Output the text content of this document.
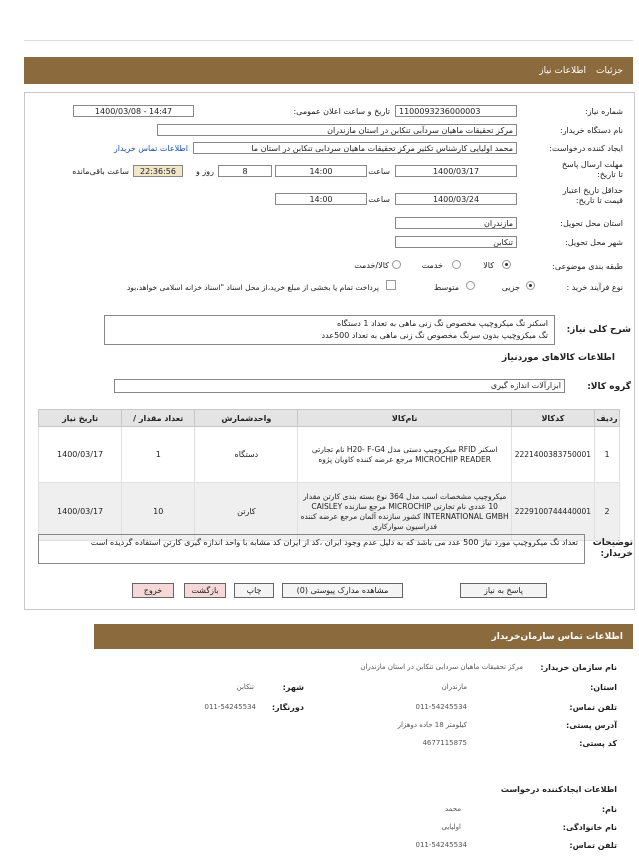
جزئیات
اطلاعات نیاز
شماره نیاز:
1100093236000003
تاریخ و ساعت اعلان عمومی:
1400/03/08 - 14:47
نام دستگاه خریدار:
مرکز تحقیقات ماهیان سردآبی تنکابن در استان مازندران
ایجاد کننده درخواست:
محمد اولیایی کارشناس تکثیر مرکز تحقیقات ماهیان سردابی تنکابن در استان ما
اطلاعات تماس خریدار
مهلت ارسال پاسخ تا تاریخ:
1400/03/17
ساعت
14:00
8
روز و
22:36:56
ساعت باقی‌مانده
حداقل تاریخ اعتبار قیمت تا تاریخ:
1400/03/24
ساعت
14:00
استان محل تحویل:
مازندران
شهر محل تحویل:
تنکابن
طبقه بندی موضوعی:
کالا
خدمت
کالا/خدمت
نوع فرآیند خرید :
جزیی
متوسط
پرداخت تمام یا بخشی از مبلغ خرید،از محل اسناد "اسناد خزانه اسلامی خواهد،بود
شرح کلی نیاز:
اسکنر تگ میکروچیپ مخصوص تگ زنی ماهی به تعداد 1 دستگاه
تگ میکروچیپ بدون سرنگ مخصوص تگ زنی ماهی به تعداد 500عدد
اطلاعات کالاهای موردنیاز
گروه کالا:
ابزارآلات اندازه گیری
ردیف	کدکالا	نام‌کالا	واحدشمارش	تعداد مقدار /	تاریخ نیاز
1	2221400383750001	اسکنر RFID میکروچیپ دستی مدل H20- F-G4 نام تجارتی MICROCHIP READER مرجع عرضه کننده کاویان پژوه	دستگاه	1	1400/03/17
2	2229100744440001	میکروچیپ مشخصات اسب مدل 364 نوع بسته بندی کارتن مقدار 10 عددی نام تجارتی MICROCHIP مرجع سازنده CAISLEY INTERNATIONAL GMBH کشور سازنده آلمان مرجع عرضه کننده فدراسیون سوارکاری	کارتن	10	1400/03/17
توضیحات خریدار:
تعداد تگ میکروچیپ مورد نیاز 500 عدد می باشد که به دلیل عدم وجود ایران ،کد از ایران کد مشابه با واحد اندازه گیری کارتن استفاده گردیده است
پاسخ به نیاز
مشاهده مدارک پیوستی (0)
چاپ
بازگشت
خروج
اطلاعات تماس سازمان‌خریدار
نام سازمان خریدار:
مرکز تحقیقات ماهیان سردابی تنکابن در استان مازندران
استان:
مازندران
شهر:
تنکابن
تلفن تماس:
011-54245534
دورنگار:
011-54245534
آدرس پستی:
کیلومتر 18 جاده دوهزار
کد پستی:
4677115875
اطلاعات ایجادکننده درخواست
نام:
محمد
نام خانوادگی:
اولیایی
تلفن تماس:
011-54245534
